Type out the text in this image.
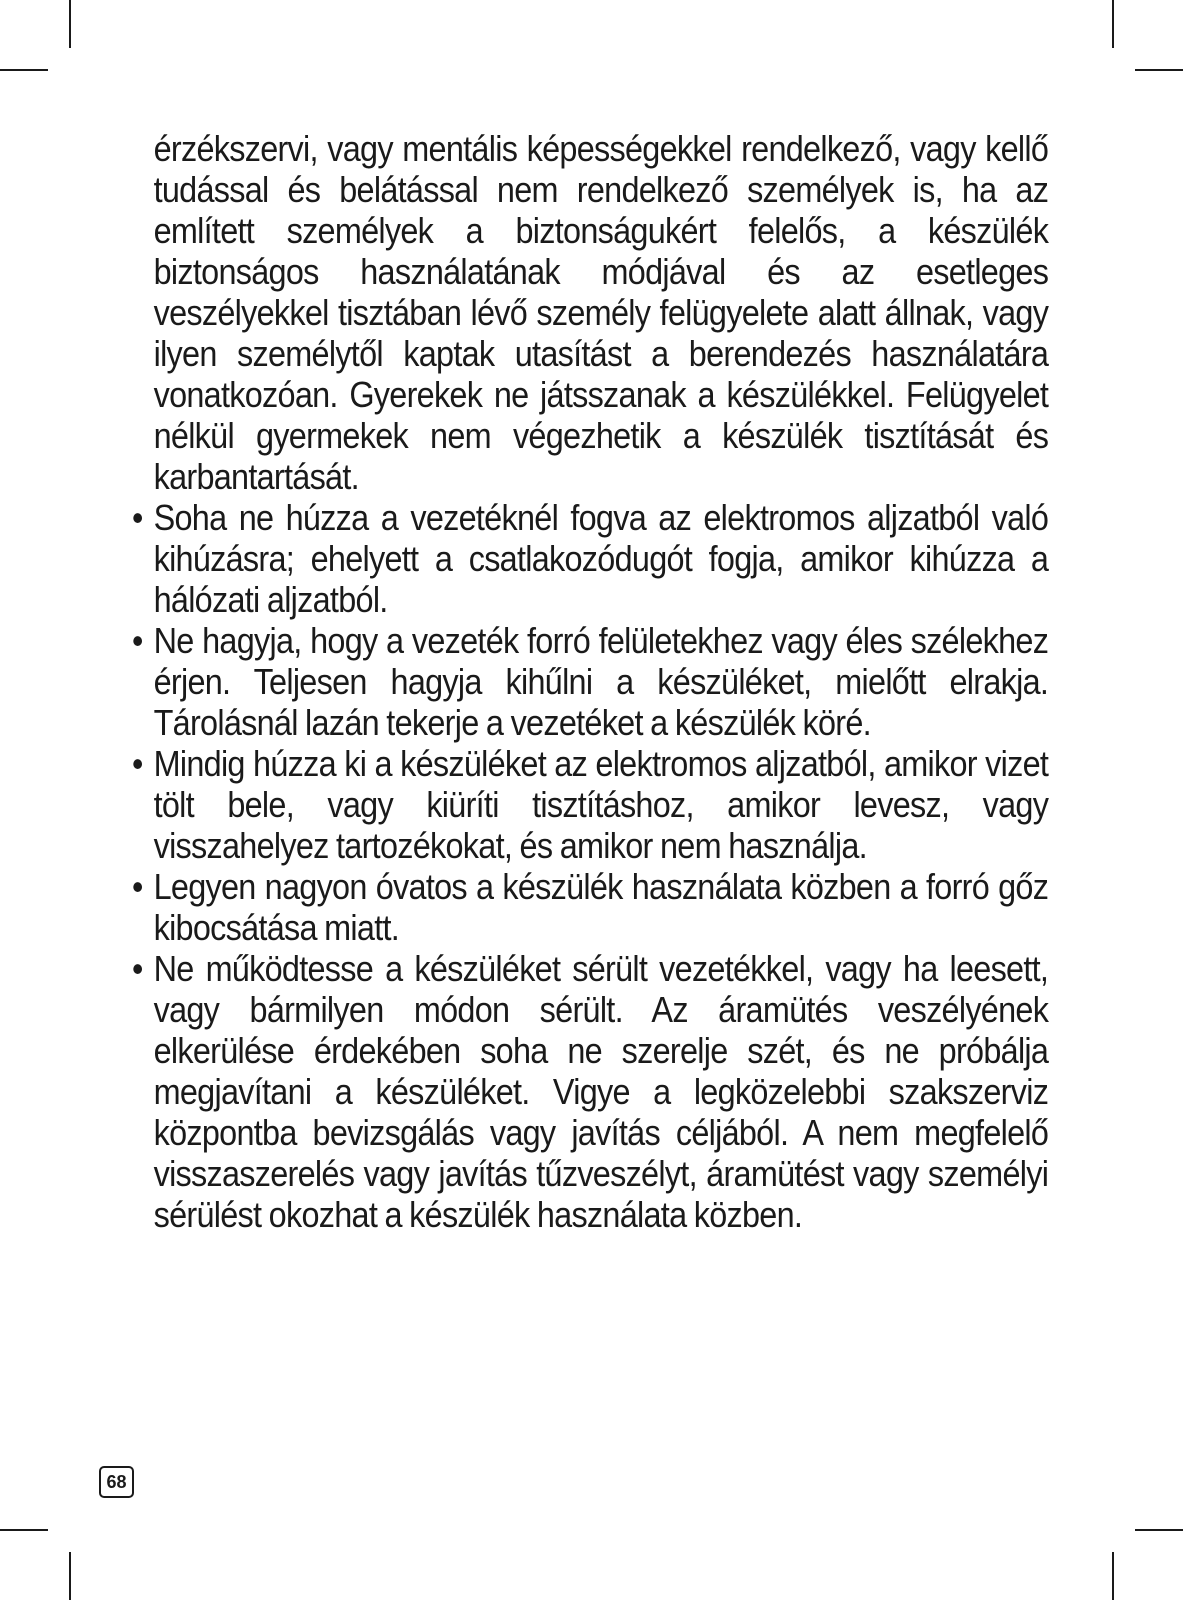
érzékszervi, vagy mentális képességekkel rendelkező, vagy kellő tudással és belátással nem rendelkező személyek is, ha az említett személyek a biztonságukért felelős, a készülék biztonságos használatának módjával és az esetleges veszélyekkel tisztában lévő személy felügyelete alatt állnak, vagy ilyen személytől kaptak utasítást a berendezés használatára vonatkozóan. Gyerekek ne játsszanak a készülékkel. Felügyelet nélkül gyermekek nem végezhetik a készülék tisztítását és karbantartását.

• Soha ne húzza a vezetéknél fogva az elektromos aljzatból való kihúzásra; ehelyett a csatlakozódugót fogja, amikor kihúzza a hálózati aljzatból.
• Ne hagyja, hogy a vezeték forró felületekhez vagy éles szélekhez érjen. Teljesen hagyja kihűlni a készüléket, mielőtt elrakja. Tárolásnál lazán tekerje a vezetéket a készülék köré.
• Mindig húzza ki a készüléket az elektromos aljzatból, amikor vizet tölt bele, vagy kiüríti tisztításhoz, amikor levesz, vagy visszahelyez tartozékokat, és amikor nem használja.
• Legyen nagyon óvatos a készülék használata közben a forró gőz kibocsátása miatt.
• Ne működtesse a készüléket sérült vezetékkel, vagy ha leesett, vagy bármilyen módon sérült. Az áramütés veszélyének elkerülése érdekében soha ne szerelje szét, és ne próbálja megjavítani a készüléket. Vigye a legközelebbi szakszerviz központba bevizsgálás vagy javítás céljából. A nem megfelelő visszaszerelés vagy javítás tűzveszélyt, áramütést vagy személyi sérülést okozhat a készülék használata közben.
68
